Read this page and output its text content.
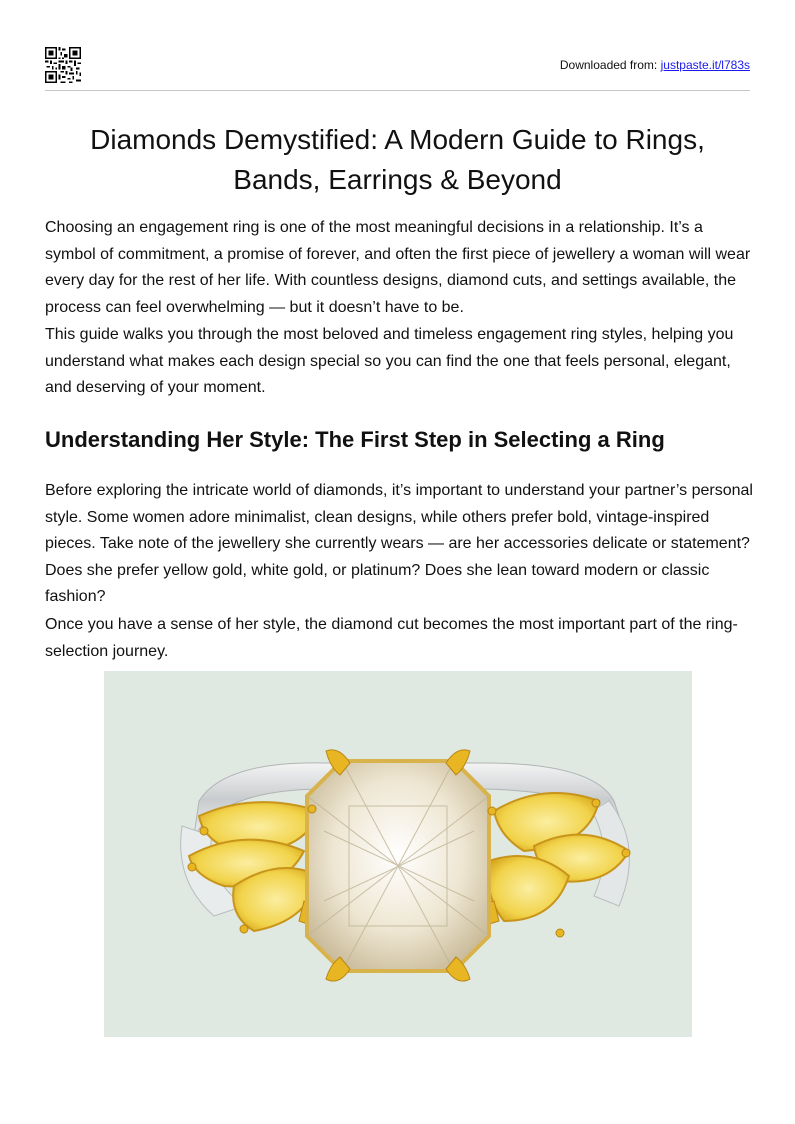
Downloaded from: justpaste.it/l783s
Diamonds Demystified: A Modern Guide to Rings, Bands, Earrings & Beyond

Choosing an engagement ring is one of the most meaningful decisions in a relationship. It’s a symbol of commitment, a promise of forever, and often the first piece of jewellery a woman will wear every day for the rest of her life. With countless designs, diamond cuts, and settings available, the process can feel overwhelming — but it doesn’t have to be.

This guide walks you through the most beloved and timeless engagement ring styles, helping you understand what makes each design special so you can find the one that feels personal, elegant, and deserving of your moment.

Understanding Her Style: The First Step in Selecting a Ring

Before exploring the intricate world of diamonds, it’s important to understand your partner’s personal style. Some women adore minimalist, clean designs, while others prefer bold, vintage-inspired pieces. Take note of the jewellery she currently wears — are her accessories delicate or statement? Does she prefer yellow gold, white gold, or platinum? Does she lean toward modern or classic fashion?

Once you have a sense of her style, the diamond cut becomes the most important part of the ring-selection journey.
